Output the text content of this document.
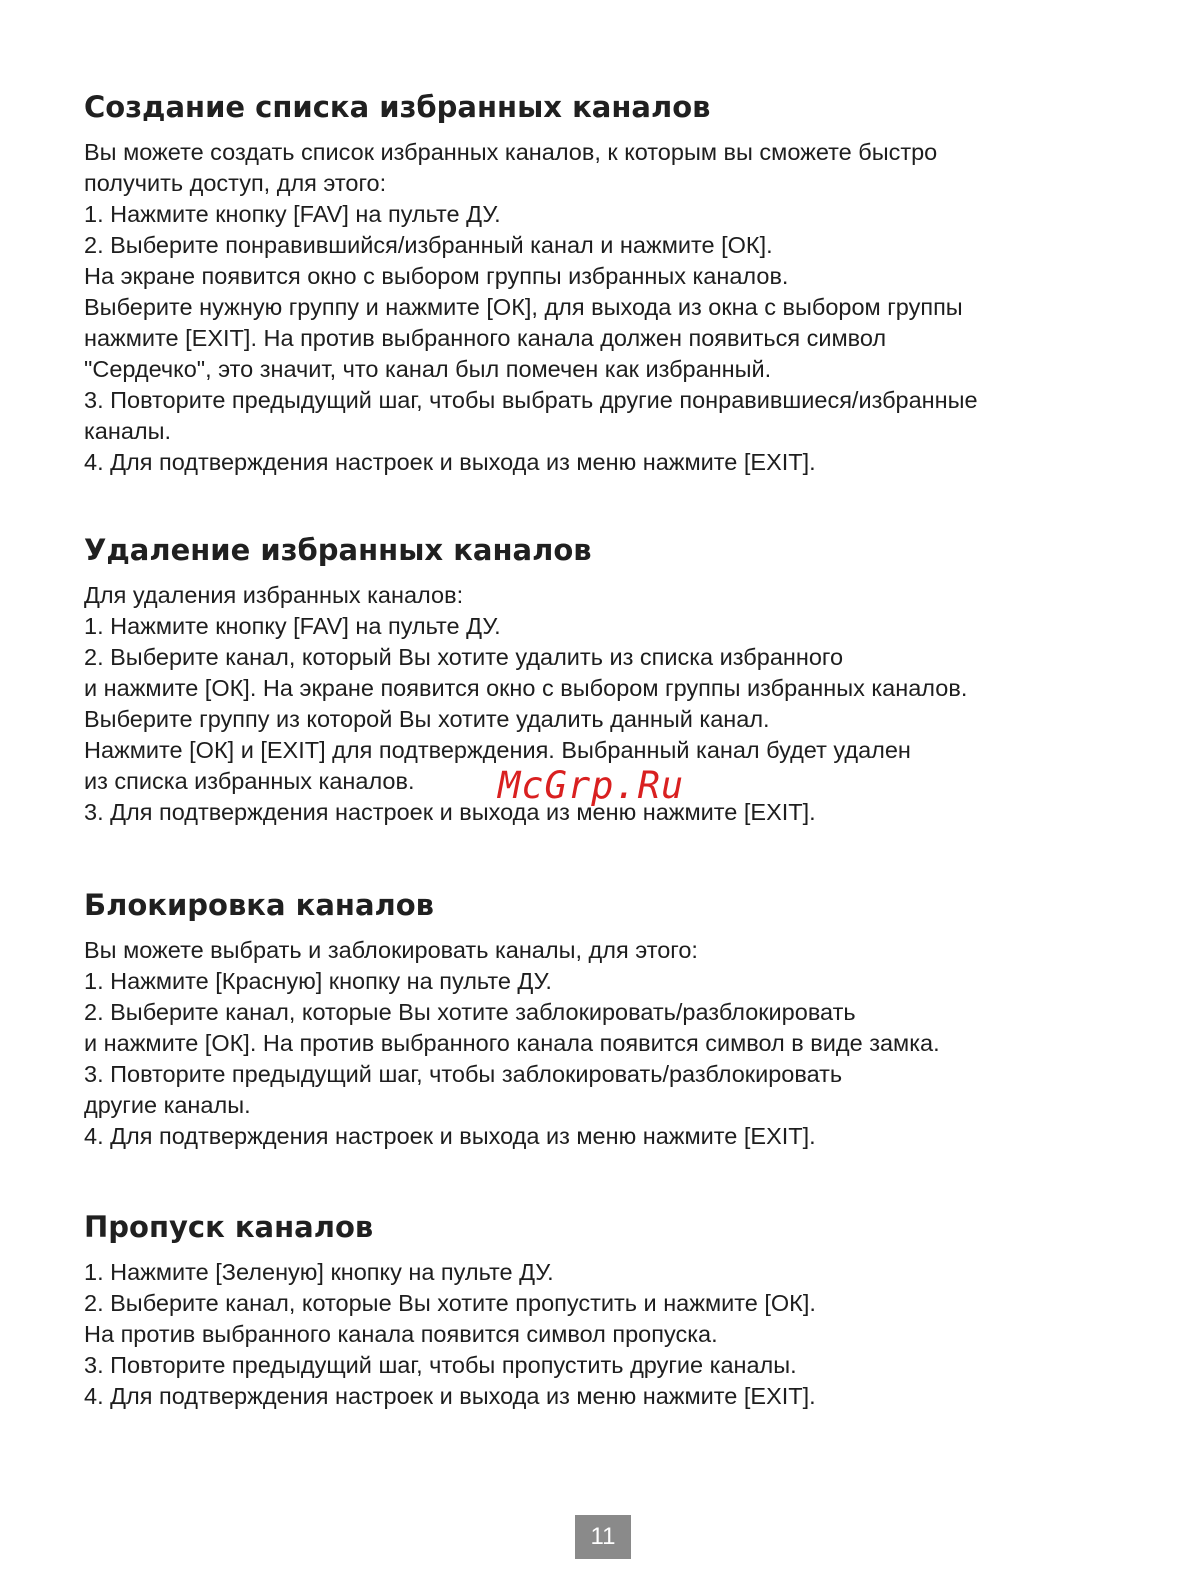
Создание списка избранных каналов
Вы можете создать список избранных каналов, к которым вы сможете быстро
получить доступ, для этого:
1. Нажмите кнопку [FAV] на пульте ДУ.
2. Выберите понравившийся/избранный канал и нажмите [ОК].
На экране появится окно с выбором группы избранных каналов.
Выберите нужную группу и нажмите [ОК], для выхода из окна с выбором группы
нажмите [EXIT]. На против выбранного канала должен появиться символ
"Сердечко", это значит, что канал был помечен как избранный.
3. Повторите предыдущий шаг, чтобы выбрать другие понравившиеся/избранные
каналы.
4. Для подтверждения настроек и выхода из меню нажмите [EXIT].
Удаление избранных каналов
Для удаления избранных каналов:
1. Нажмите кнопку [FAV] на пульте ДУ.
2. Выберите канал, который Вы хотите удалить из списка избранного
и нажмите [ОК]. На экране появится окно с выбором группы избранных каналов.
Выберите группу из которой Вы хотите удалить данный канал.
Нажмите [ОК] и [EXIT] для подтверждения. Выбранный канал будет удален
из списка избранных каналов.
3. Для подтверждения настроек и выхода из меню нажмите [EXIT].
Блокировка каналов
Вы можете выбрать и заблокировать каналы, для этого:
1. Нажмите [Красную] кнопку на пульте ДУ.
2. Выберите канал, которые Вы хотите заблокировать/разблокировать
и нажмите [ОК]. На против выбранного канала появится символ в виде замка.
3. Повторите предыдущий шаг, чтобы заблокировать/разблокировать
другие каналы.
4. Для подтверждения настроек и выхода из меню нажмите [EXIT].
Пропуск каналов
1. Нажмите [Зеленую] кнопку на пульте ДУ.
2. Выберите канал, которые Вы хотите пропустить и нажмите [ОК].
На против выбранного канала появится символ пропуска.
3. Повторите предыдущий шаг, чтобы пропустить другие каналы.
4. Для подтверждения настроек и выхода из меню нажмите [EXIT].
McGrp.Ru
11
